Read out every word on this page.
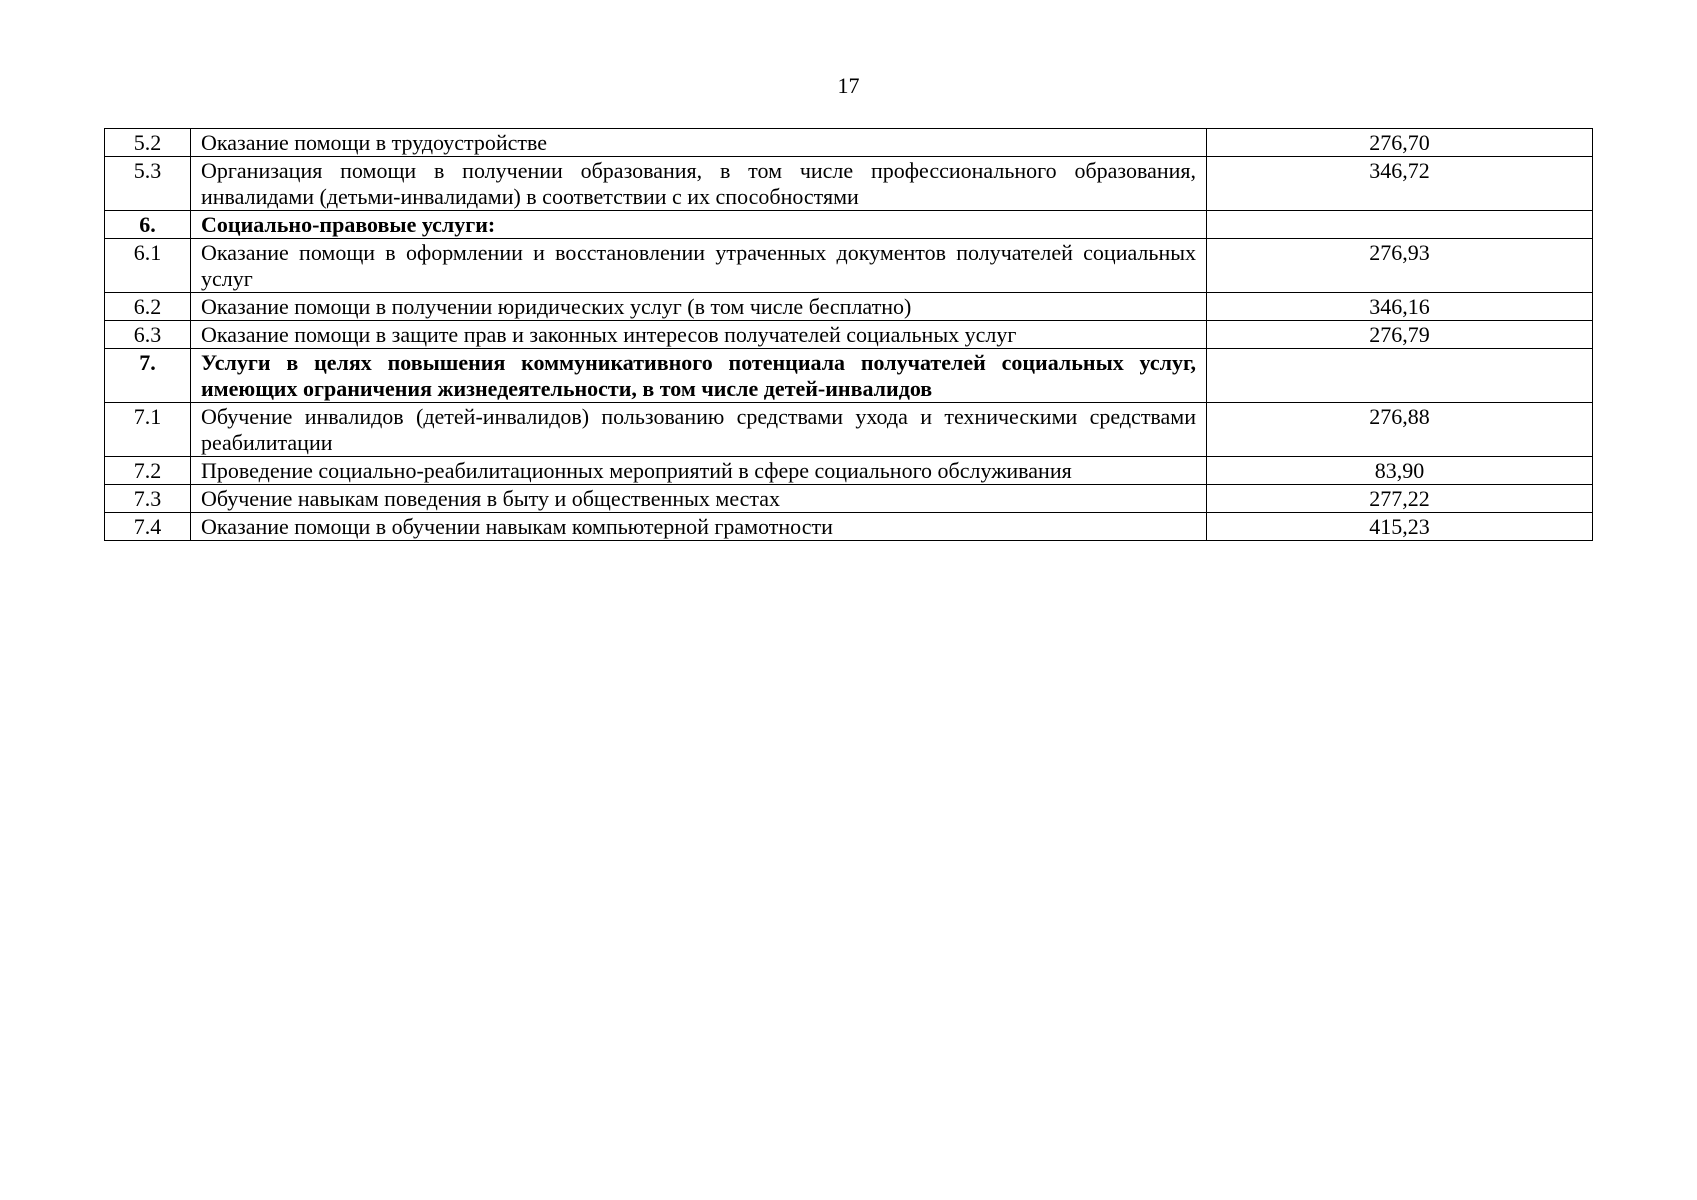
17
5.2	Оказание помощи в трудоустройстве	276,70
5.3	Организация помощи в получении образования, в том числе профессионального образования, инвалидами (детьми-инвалидами) в соответствии с их способностями	346,72
6.	Социально-правовые услуги:	
6.1	Оказание помощи в оформлении и восстановлении утраченных документов получателей социальных услуг	276,93
6.2	Оказание помощи в получении юридических услуг (в том числе бесплатно)	346,16
6.3	Оказание помощи в защите прав и законных интересов получателей социальных услуг	276,79
7.	Услуги в целях повышения коммуникативного потенциала получателей социальных услуг, имеющих ограничения жизнедеятельности, в том числе детей-инвалидов	
7.1	Обучение инвалидов (детей-инвалидов) пользованию средствами ухода и техническими средствами реабилитации	276,88
7.2	Проведение социально-реабилитационных мероприятий в сфере социального обслуживания	83,90
7.3	Обучение навыкам поведения в быту и общественных местах	277,22
7.4	Оказание помощи в обучении навыкам компьютерной грамотности	415,23
